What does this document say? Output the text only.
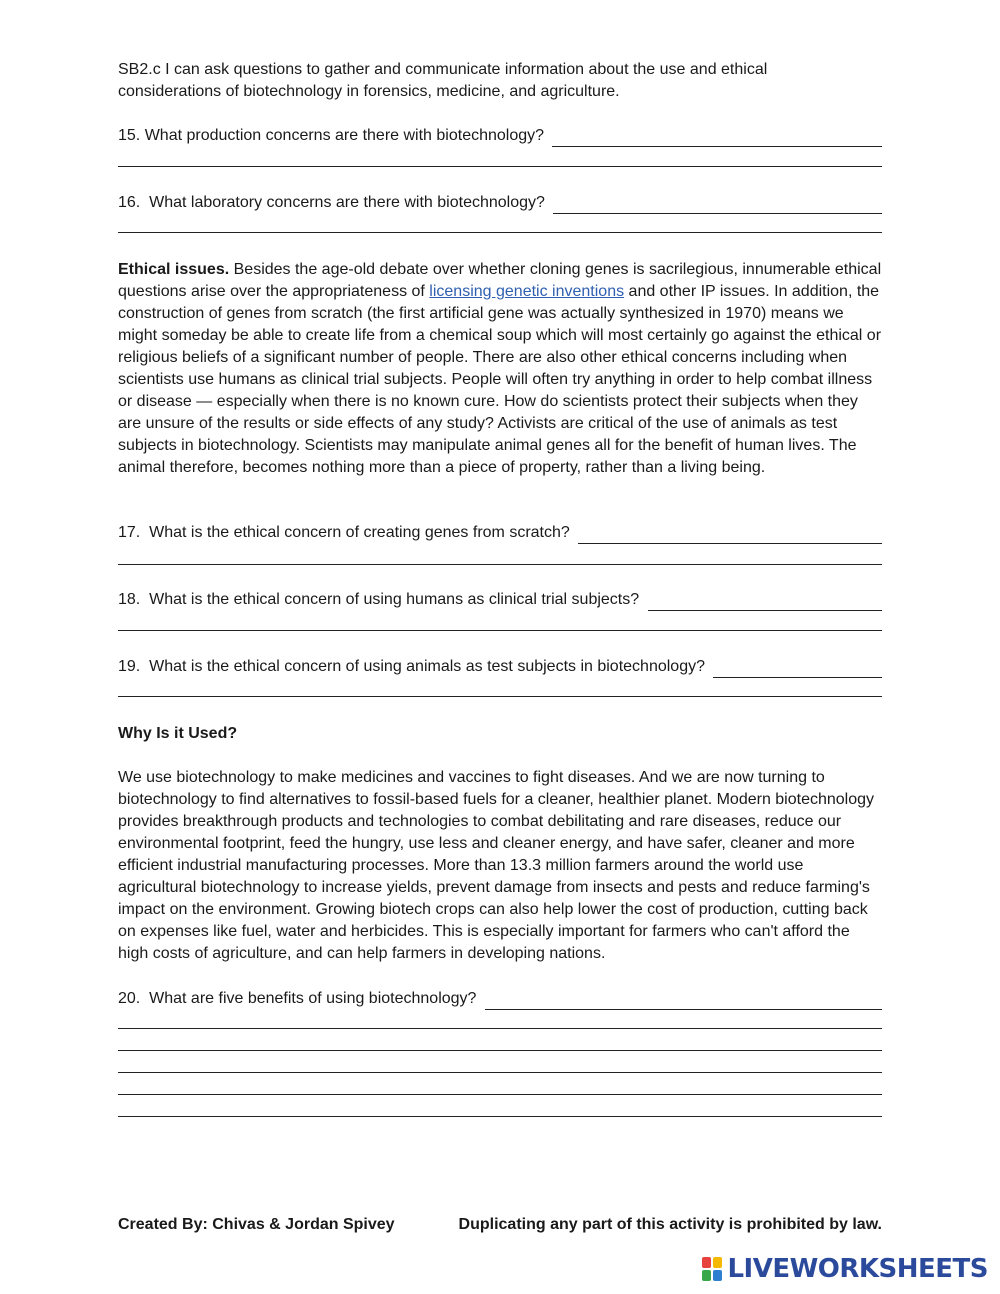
SB2.c I can ask questions to gather and communicate information about the use and ethical
considerations of biotechnology in forensics, medicine, and agriculture.
15. What production concerns are there with biotechnology?
16.  What laboratory concerns are there with biotechnology?
Ethical issues. Besides the age-old debate over whether cloning genes is sacrilegious, innumerable ethical questions arise over the appropriateness of licensing genetic inventions and other IP issues. In addition, the construction of genes from scratch (the first artificial gene was actually synthesized in 1970) means we might someday be able to create life from a chemical soup which will most certainly go against the ethical or religious beliefs of a significant number of people. There are also other ethical concerns including when scientists use humans as clinical trial subjects. People will often try anything in order to help combat illness or disease — especially when there is no known cure. How do scientists protect their subjects when they are unsure of the results or side effects of any study? Activists are critical of the use of animals as test subjects in biotechnology. Scientists may manipulate animal genes all for the benefit of human lives. The animal therefore, becomes nothing more than a piece of property, rather than a living being.
17.  What is the ethical concern of creating genes from scratch?
18.  What is the ethical concern of using humans as clinical trial subjects?
19.  What is the ethical concern of using animals as test subjects in biotechnology?
Why Is it Used?
We use biotechnology to make medicines and vaccines to fight diseases. And we are now turning to biotechnology to find alternatives to fossil-based fuels for a cleaner, healthier planet. Modern biotechnology provides breakthrough products and technologies to combat debilitating and rare diseases, reduce our environmental footprint, feed the hungry, use less and cleaner energy, and have safer, cleaner and more efficient industrial manufacturing processes. More than 13.3 million farmers around the world use agricultural biotechnology to increase yields, prevent damage from insects and pests and reduce farming's impact on the environment. Growing biotech crops can also help lower the cost of production, cutting back on expenses like fuel, water and herbicides. This is especially important for farmers who can't afford the high costs of agriculture, and can help farmers in developing nations.
20.  What are five benefits of using biotechnology?
Created By: Chivas & Jordan Spivey	Duplicating any part of this activity is prohibited by law.
LIVEWORKSHEETS
